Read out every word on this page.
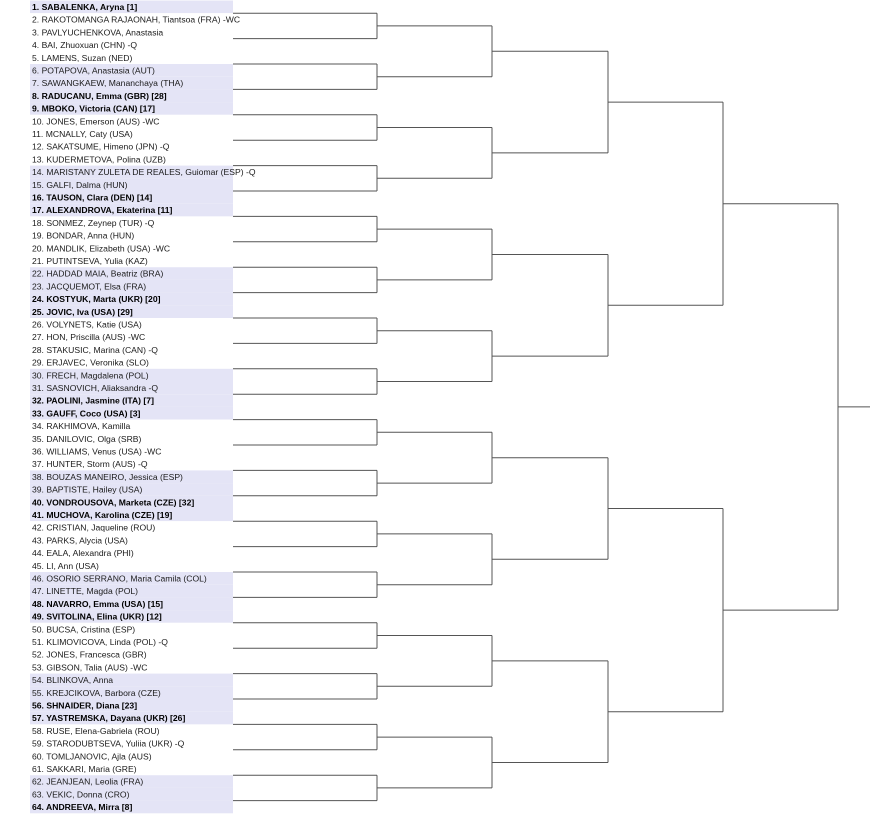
1. SABALENKA, Aryna [1]
2. RAKOTOMANGA RAJAONAH, Tiantsoa (FRA) -WC
3. PAVLYUCHENKOVA, Anastasia
4. BAI, Zhuoxuan (CHN) -Q
5. LAMENS, Suzan (NED)
6. POTAPOVA, Anastasia (AUT)
7. SAWANGKAEW, Mananchaya (THA)
8. RADUCANU, Emma (GBR) [28]
9. MBOKO, Victoria (CAN) [17]
10. JONES, Emerson (AUS) -WC
11. MCNALLY, Caty (USA)
12. SAKATSUME, Himeno (JPN) -Q
13. KUDERMETOVA, Polina (UZB)
14. MARISTANY ZULETA DE REALES, Guiomar (ESP) -Q
15. GALFI, Dalma (HUN)
16. TAUSON, Clara (DEN) [14]
17. ALEXANDROVA, Ekaterina [11]
18. SONMEZ, Zeynep (TUR) -Q
19. BONDAR, Anna (HUN)
20. MANDLIK, Elizabeth (USA) -WC
21. PUTINTSEVA, Yulia (KAZ)
22. HADDAD MAIA, Beatriz (BRA)
23. JACQUEMOT, Elsa (FRA)
24. KOSTYUK, Marta (UKR) [20]
25. JOVIC, Iva (USA) [29]
26. VOLYNETS, Katie (USA)
27. HON, Priscilla (AUS) -WC
28. STAKUSIC, Marina (CAN) -Q
29. ERJAVEC, Veronika (SLO)
30. FRECH, Magdalena (POL)
31. SASNOVICH, Aliaksandra -Q
32. PAOLINI, Jasmine (ITA) [7]
33. GAUFF, Coco (USA) [3]
34. RAKHIMOVA, Kamilla
35. DANILOVIC, Olga (SRB)
36. WILLIAMS, Venus (USA) -WC
37. HUNTER, Storm (AUS) -Q
38. BOUZAS MANEIRO, Jessica (ESP)
39. BAPTISTE, Hailey (USA)
40. VONDROUSOVA, Marketa (CZE) [32]
41. MUCHOVA, Karolina (CZE) [19]
42. CRISTIAN, Jaqueline (ROU)
43. PARKS, Alycia (USA)
44. EALA, Alexandra (PHI)
45. LI, Ann (USA)
46. OSORIO SERRANO, Maria Camila (COL)
47. LINETTE, Magda (POL)
48. NAVARRO, Emma (USA) [15]
49. SVITOLINA, Elina (UKR) [12]
50. BUCSA, Cristina (ESP)
51. KLIMOVICOVA, Linda (POL) -Q
52. JONES, Francesca (GBR)
53. GIBSON, Talia (AUS) -WC
54. BLINKOVA, Anna
55. KREJCIKOVA, Barbora (CZE)
56. SHNAIDER, Diana [23]
57. YASTREMSKA, Dayana (UKR) [26]
58. RUSE, Elena-Gabriela (ROU)
59. STARODUBTSEVA, Yuliia (UKR) -Q
60. TOMLJANOVIC, Ajla (AUS)
61. SAKKARI, Maria (GRE)
62. JEANJEAN, Leolia (FRA)
63. VEKIC, Donna (CRO)
64. ANDREEVA, Mirra [8]
